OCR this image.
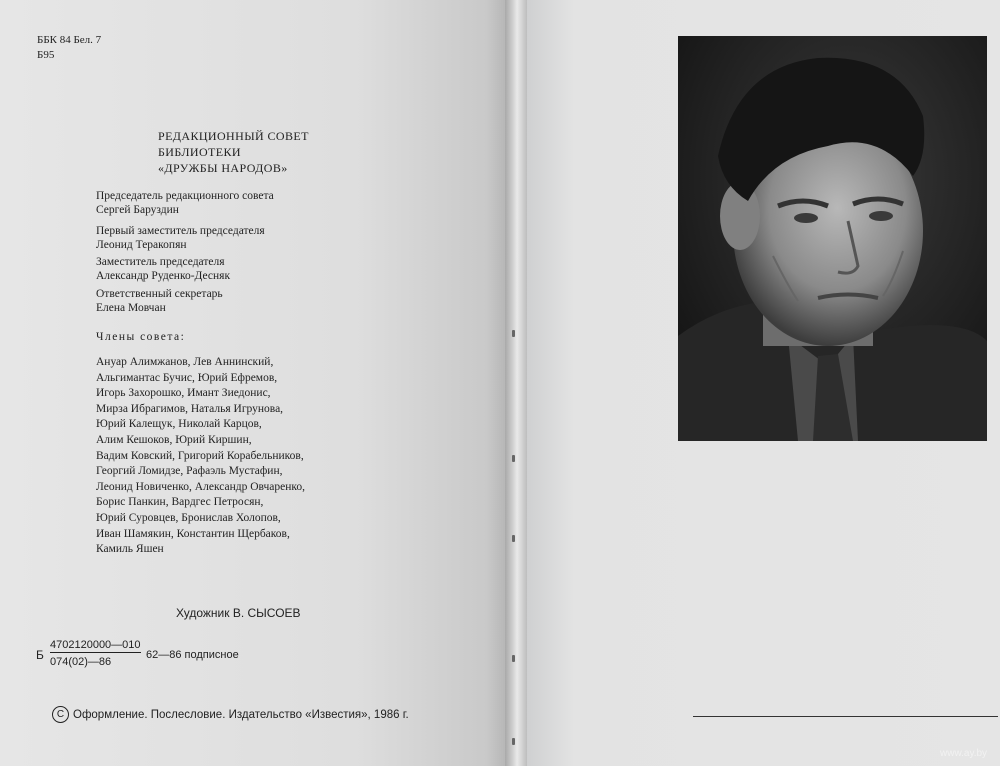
ББК 84 Бел. 7
Б95
РЕДАКЦИОННЫЙ СОВЕТ
БИБЛИОТЕКИ
«ДРУЖБЫ НАРОДОВ»
Председатель редакционного совета
Сергей Баруздин
Первый заместитель председателя
Леонид Теракопян
Заместитель председателя
Александр Руденко-Десняк
Ответственный секретарь
Елена Мовчан
Члены совета:
Ануар Алимжанов, Лев Аннинский,
Альгимантас Бучис, Юрий Ефремов,
Игорь Захорошко, Имант Зиедонис,
Мирза Ибрагимов, Наталья Игрунова,
Юрий Калещук, Николай Карцов,
Алим Кешоков, Юрий Киршин,
Вадим Ковский, Григорий Корабельников,
Георгий Ломидзе, Рафаэль Мустафин,
Леонид Новиченко, Александр Овчаренко,
Борис Панкин, Вардгес Петросян,
Юрий Суровцев, Бронислав Холопов,
Иван Шамякин, Константин Щербаков,
Камиль Яшен
Художник В. СЫСОЕВ
Б
4702120000—010
074(02)—86
62—86 подписное
C Оформление. Послесловие. Издательство «Известия», 1986 г.
www.ay.by
